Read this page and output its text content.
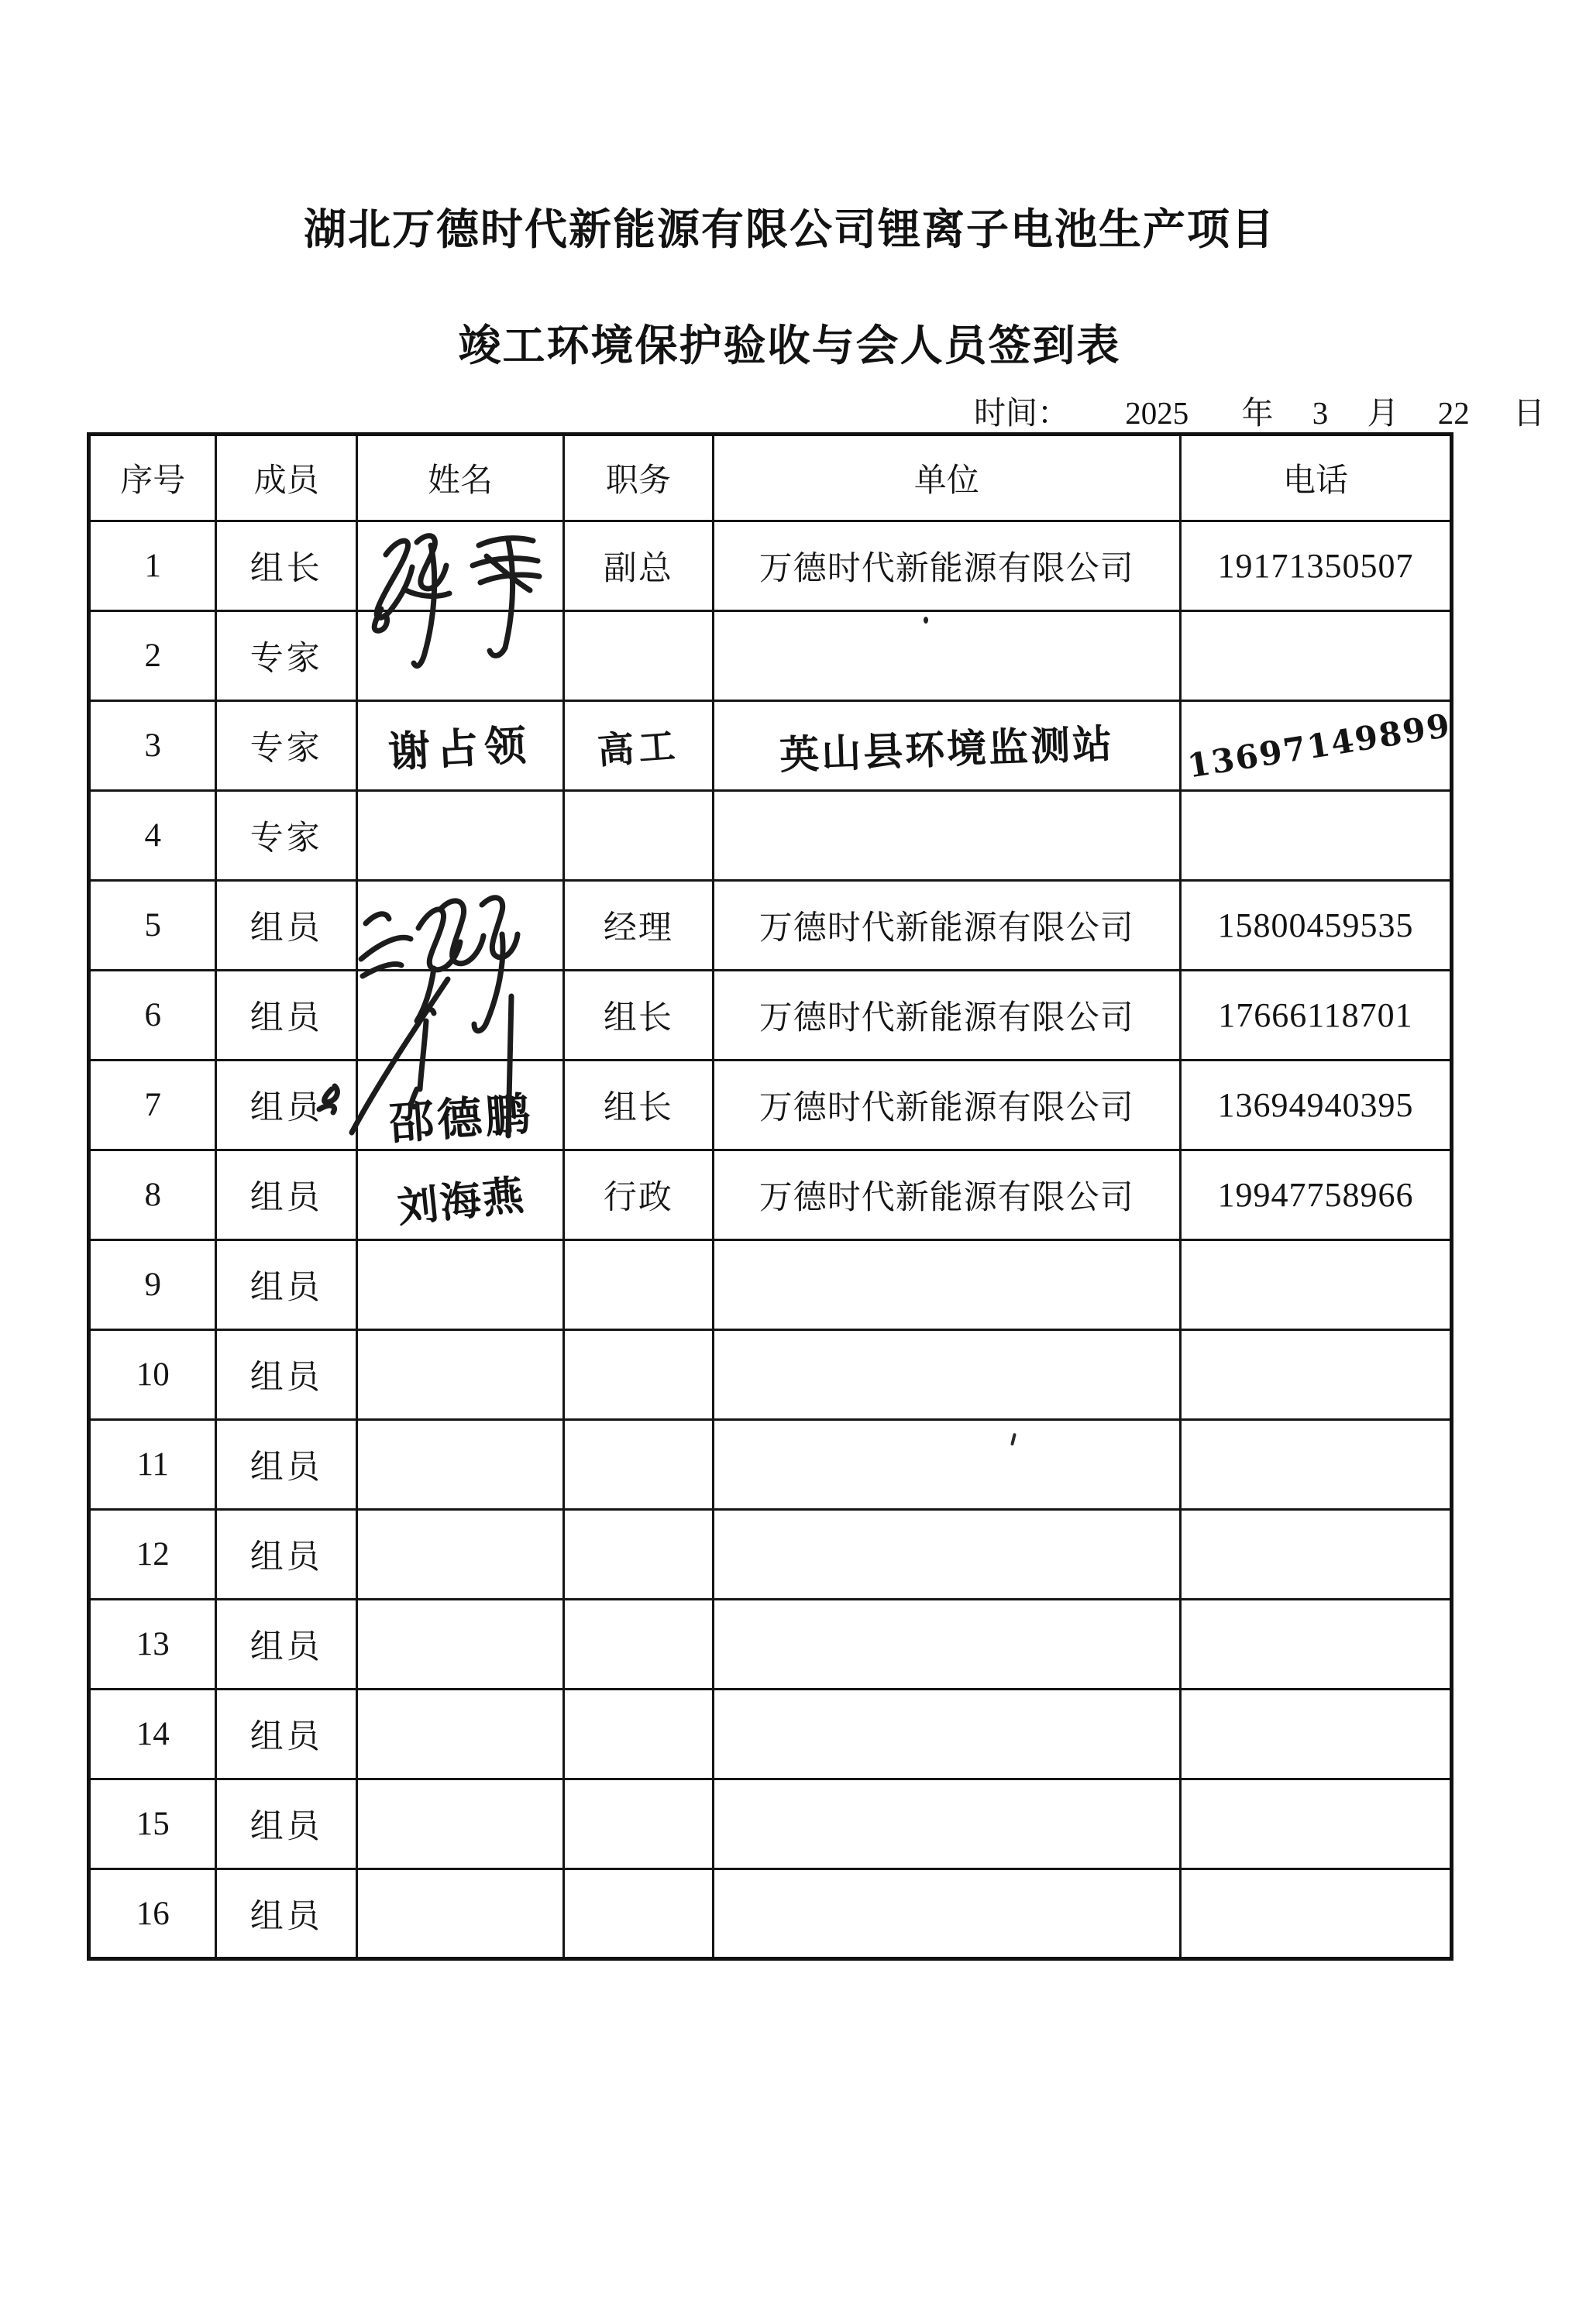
湖北万德时代新能源有限公司锂离子电池生产项目
竣工环境保护验收与会人员签到表
时间： 2025 年 3 月 22 日
序号	成员	姓名	职务	单位	电话
1	组长		副总	万德时代新能源有限公司	19171350507
2	专家				
3	专家	谢占领	高工	英山县环境监测站	13697149899
4	专家				
5	组员		经理	万德时代新能源有限公司	15800459535
6	组员		组长	万德时代新能源有限公司	17666118701
7	组员	邵德鹏	组长	万德时代新能源有限公司	13694940395
8	组员	刘海燕	行政	万德时代新能源有限公司	19947758966
9	组员				
10	组员				
11	组员				
12	组员				
13	组员				
14	组员				
15	组员				
16	组员				
